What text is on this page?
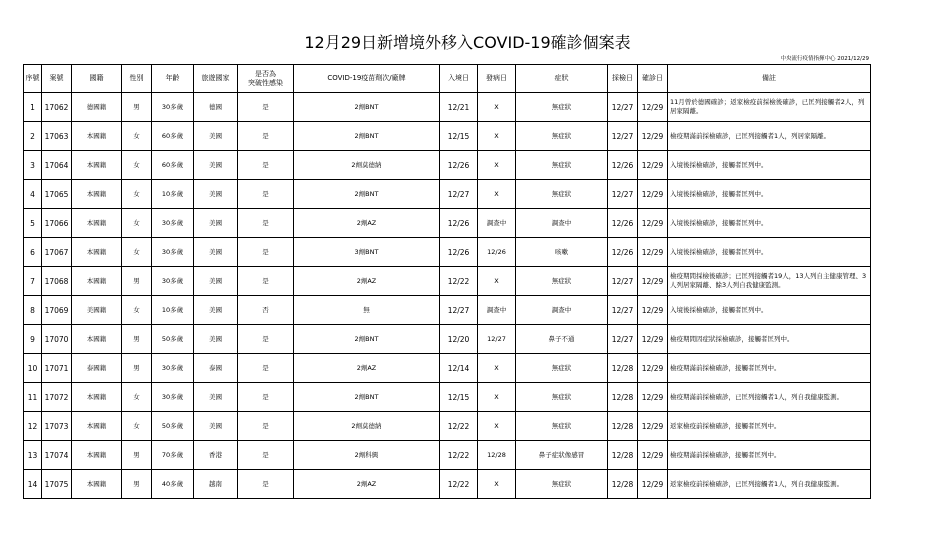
12月29日新增境外移入COVID-19確診個案表
中央流行疫情指揮中心 2021/12/29
序號	案號	國籍	性別	年齡	旅遊國家	是否為
突破性感染	COVID-19疫苗劑次/廠牌	入境日	發病日	症狀	採檢日	確診日	備註
1	17062	德國籍	男	30多歲	德國	是	2劑BNT	12/21	X	無症狀	12/27	12/29	11月曾於德國確診；返家檢疫前採檢後確診，已匡列接觸者2人，列居家隔離。
2	17063	本國籍	女	60多歲	美國	是	2劑BNT	12/15	X	無症狀	12/27	12/29	檢疫期滿前採檢確診，已匡列接觸者1人，列居家隔離。
3	17064	本國籍	女	60多歲	美國	是	2劑莫德納	12/26	X	無症狀	12/26	12/29	入境後採檢確診，接觸者匡列中。
4	17065	本國籍	女	10多歲	美國	是	2劑BNT	12/27	X	無症狀	12/27	12/29	入境後採檢確診，接觸者匡列中。
5	17066	本國籍	女	30多歲	美國	是	2劑AZ	12/26	調查中	調查中	12/26	12/29	入境後採檢確診，接觸者匡列中。
6	17067	本國籍	女	30多歲	美國	是	3劑BNT	12/26	12/26	咳嗽	12/26	12/29	入境後採檢確診，接觸者匡列中。
7	17068	本國籍	男	30多歲	美國	是	2劑AZ	12/22	X	無症狀	12/27	12/29	檢疫期間採檢後確診；已匡列接觸者19人，13人列自主健康管理、3人列居家隔離、餘3人列自我健康監測。
8	17069	美國籍	女	10多歲	美國	否	無	12/27	調查中	調查中	12/27	12/29	入境後採檢確診，接觸者匡列中。
9	17070	本國籍	男	50多歲	美國	是	2劑BNT	12/20	12/27	鼻子不通	12/27	12/29	檢疫期間因症狀採檢確診，接觸者匡列中。
10	17071	泰國籍	男	30多歲	泰國	是	2劑AZ	12/14	X	無症狀	12/28	12/29	檢疫期滿前採檢確診，接觸者匡列中。
11	17072	本國籍	女	30多歲	美國	是	2劑BNT	12/15	X	無症狀	12/28	12/29	檢疫期滿前採檢確診，已匡列接觸者1人，列自我健康監測。
12	17073	本國籍	女	50多歲	美國	是	2劑莫德納	12/22	X	無症狀	12/28	12/29	返家檢疫前採檢確診，接觸者匡列中。
13	17074	本國籍	男	70多歲	香港	是	2劑科興	12/22	12/28	鼻子症狀像感冒	12/28	12/29	檢疫期滿前採檢確診，接觸者匡列中。
14	17075	本國籍	男	40多歲	越南	是	2劑AZ	12/22	X	無症狀	12/28	12/29	返家檢疫前採檢確診，已匡列接觸者1人，列自我健康監測。
